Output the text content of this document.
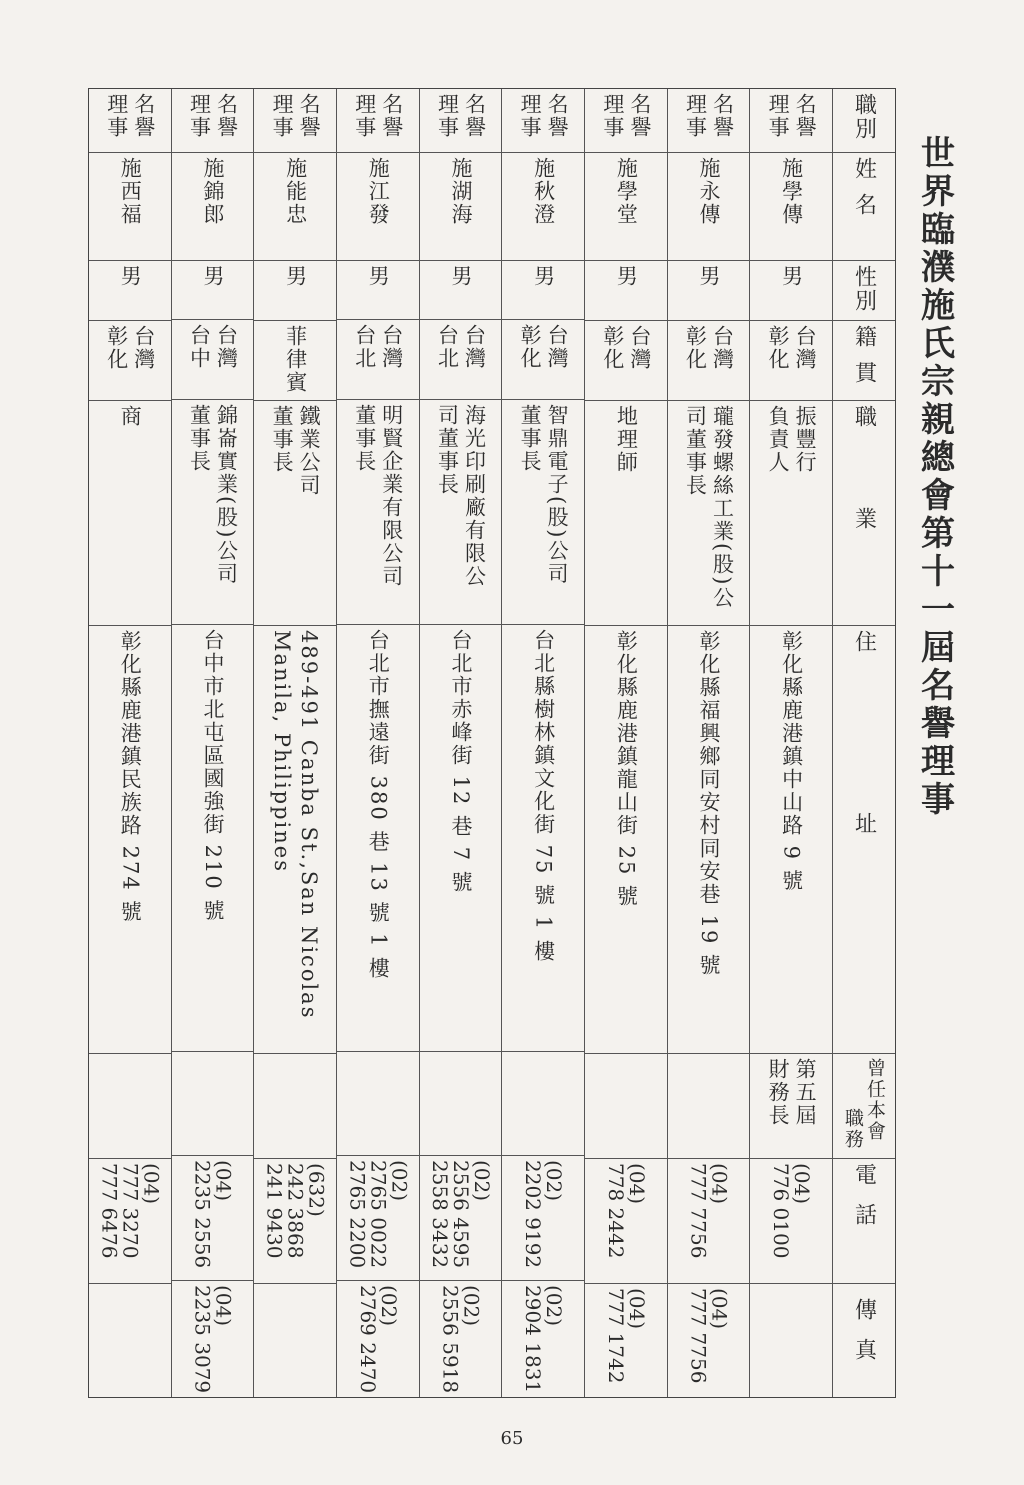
世界臨濮施氏宗親總會第十一屆名譽理事
職別
姓名
性別
籍貫
職業
住址
曾任本會
職務
電話
傳真
名譽
理事
施學傳
男
台灣
彰化
振豐行
負責人
彰化縣鹿港鎮中山路 9 號
第五屆
財務長
(04)
776 0100
名譽
理事
施永傳
男
台灣
彰化
瓏發螺絲工業(股)公
司董事長
彰化縣福興鄉同安村同安巷 19 號
(04)
777 7756
(04)
777 7756
名譽
理事
施學堂
男
台灣
彰化
地理師
彰化縣鹿港鎮龍山街 25 號
(04)
778 2442
(04)
777 1742
名譽
理事
施秋澄
男
台灣
彰化
智鼎電子(股)公司
董事長
台北縣樹林鎮文化街 75 號 1 樓
(02)
2202 9192
(02)
2904 1831
名譽
理事
施湖海
男
台灣
台北
海光印刷廠有限公
司董事長
台北市赤峰街 12 巷 7 號
(02)
2556 4595
2558 3432
(02)
2556 5918
名譽
理事
施江發
男
台灣
台北
明賢企業有限公司
董事長
台北市撫遠街 380 巷 13 號 1 樓
(02)
2765 0022
2765 2200
(02)
2769 2470
名譽
理事
施能忠
男
菲律賓
鐵業公司
董事長
489-491 Canba St.,San Nicolas
Manila, Philippines
(632)
242 3868
241 9430
名譽
理事
施錦郎
男
台灣
台中
錦崙實業(股)公司
董事長
台中市北屯區國強街 210 號
(04)
2235 2556
(04)
2235 3079
名譽
理事
施西福
男
台灣
彰化
商
彰化縣鹿港鎮民族路 274 號
(04)
777 3270
777 6476
65
